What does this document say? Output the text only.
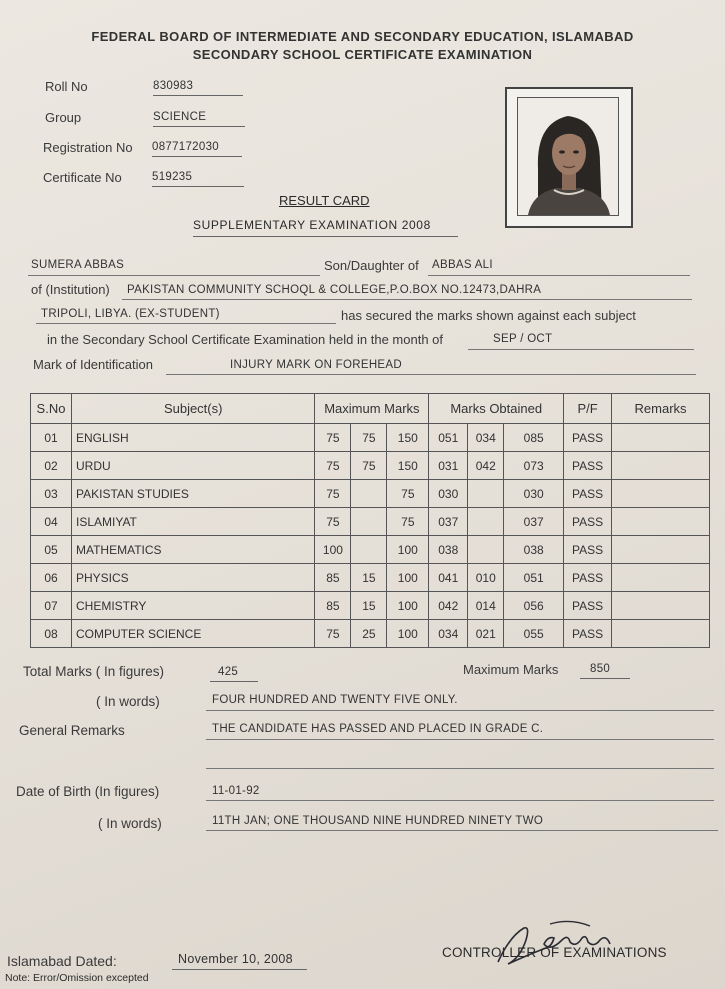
FEDERAL BOARD OF INTERMEDIATE AND SECONDARY EDUCATION, ISLAMABAD
SECONDARY SCHOOL CERTIFICATE EXAMINATION
Roll No	830983
Group	SCIENCE
Registration No 0877172030
Certificate No	519235
RESULT CARD
SUPPLEMENTARY EXAMINATION 2008
SUMERA ABBAS	Son/Daughter of ABBAS ALI
of (Institution) PAKISTAN COMMUNITY SCHOQL & COLLEGE,P.O.BOX NO.12473,DAHRA
TRIPOLI, LIBYA. (EX-STUDENT)	has secured the marks shown against each subject
in the Secondary School Certificate Examination held in the month of	SEP / OCT
Mark of Identification	INJURY MARK ON FOREHEAD
S.No	Subject(s)	Maximum Marks			Marks Obtained			P/F	Remarks
01	ENGLISH	75	75	150	051	034	085	PASS	
02	URDU	75	75	150	031	042	073	PASS	
03	PAKISTAN STUDIES	75		75	030		030	PASS	
04	ISLAMIYAT	75		75	037		037	PASS	
05	MATHEMATICS	100		100	038		038	PASS	
06	PHYSICS	85	15	100	041	010	051	PASS	
07	CHEMISTRY	85	15	100	042	014	056	PASS	
08	COMPUTER SCIENCE	75	25	100	034	021	055	PASS	
Total Marks ( In figures)	425	Maximum Marks	850
( In words)	FOUR HUNDRED AND TWENTY FIVE ONLY.
General Remarks	THE CANDIDATE HAS PASSED AND PLACED IN GRADE C.
Date of Birth (In figures)	11-01-92
( In words)	11TH JAN; ONE THOUSAND NINE HUNDRED NINETY TWO
Islamabad Dated:	November 10, 2008
Note: Error/Omission excepted
CONTROLLER OF EXAMINATIONS
